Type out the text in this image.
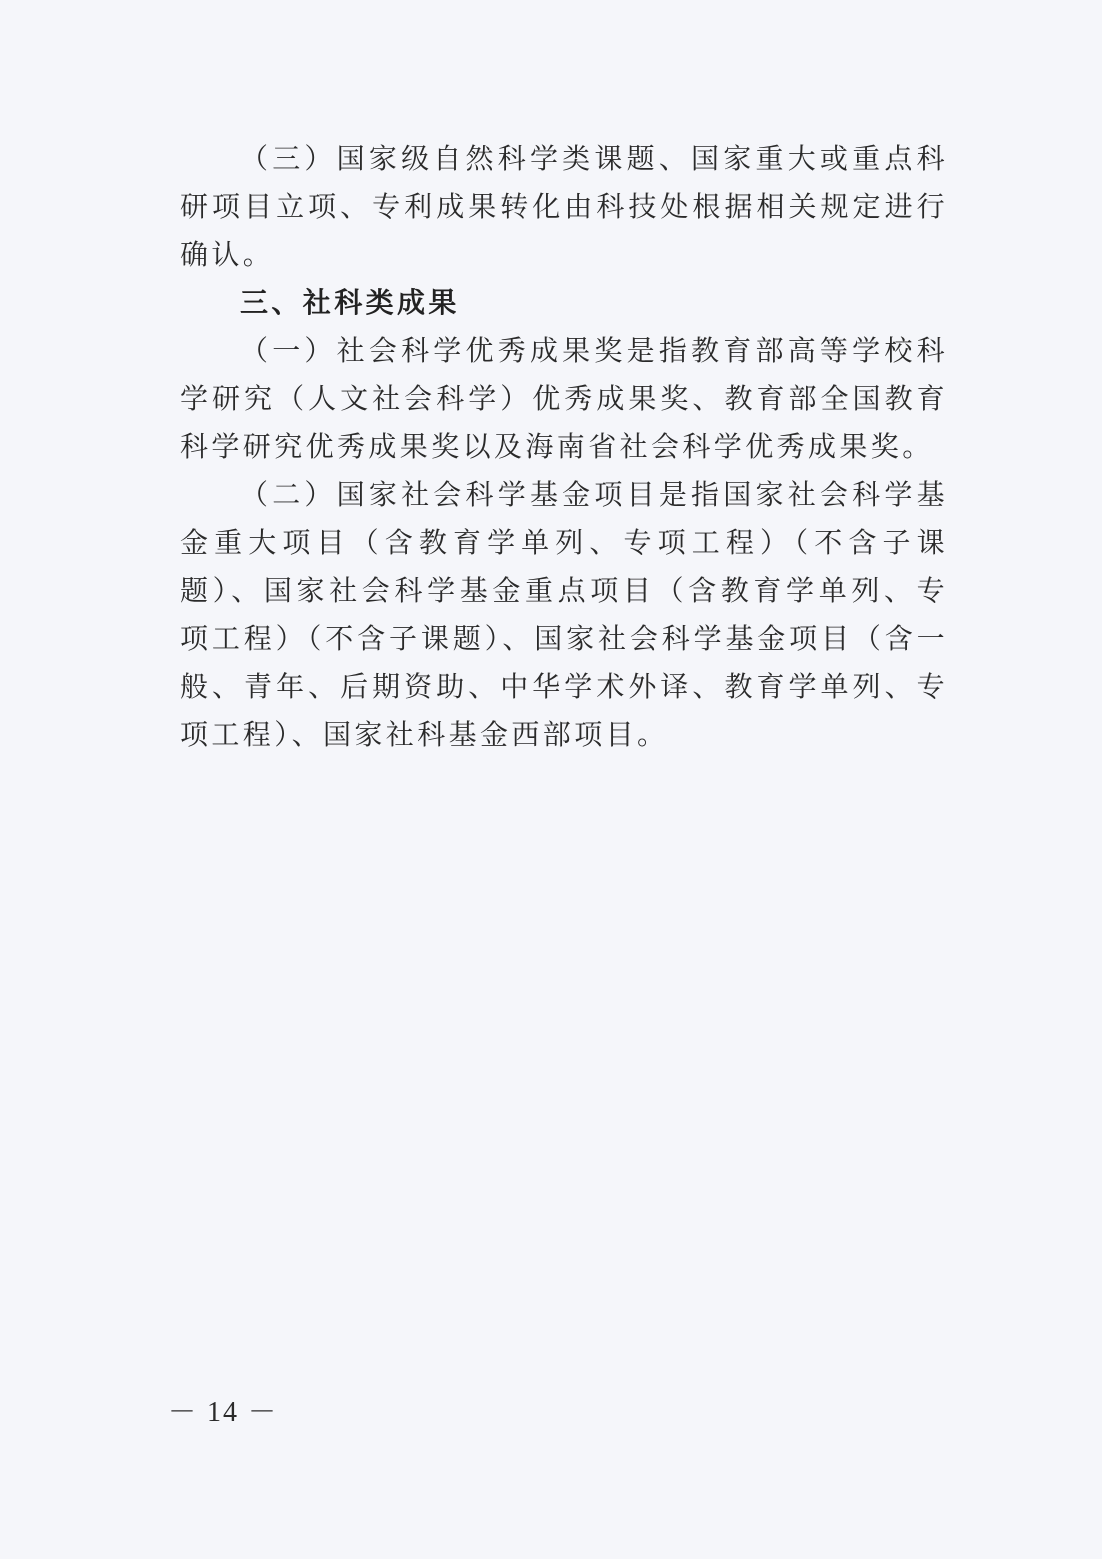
（三）国家级自然科学类课题、国家重大或重点科研项目立项、专利成果转化由科技处根据相关规定进行确认。

三、社科类成果

（一）社会科学优秀成果奖是指教育部高等学校科学研究（人文社会科学）优秀成果奖、教育部全国教育科学研究优秀成果奖以及海南省社会科学优秀成果奖。

（二）国家社会科学基金项目是指国家社会科学基金重大项目（含教育学单列、专项工程）（不含子课题）、国家社会科学基金重点项目（含教育学单列、专项工程）（不含子课题）、国家社会科学基金项目（含一般、青年、后期资助、中华学术外译、教育学单列、专项工程）、国家社科基金西部项目。

－ 14 －
